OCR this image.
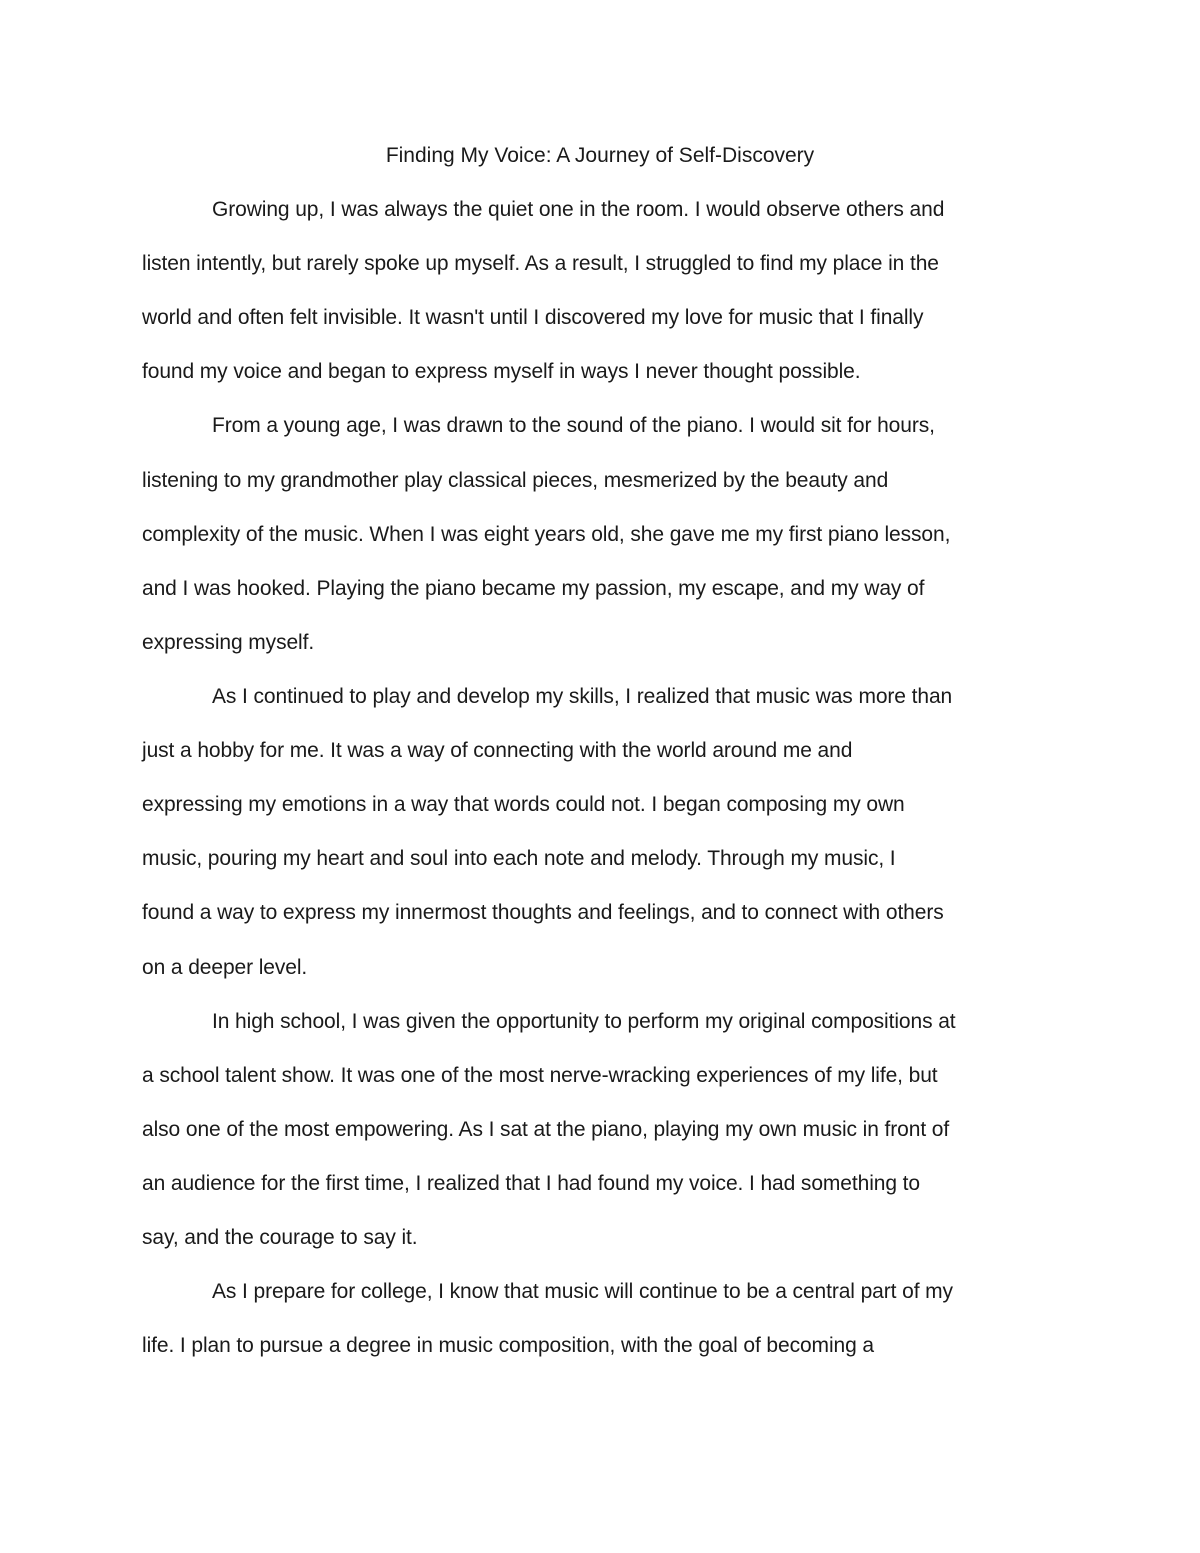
Finding My Voice: A Journey of Self-Discovery
Growing up, I was always the quiet one in the room. I would observe others and
listen intently, but rarely spoke up myself. As a result, I struggled to find my place in the
world and often felt invisible. It wasn't until I discovered my love for music that I finally
found my voice and began to express myself in ways I never thought possible.
From a young age, I was drawn to the sound of the piano. I would sit for hours,
listening to my grandmother play classical pieces, mesmerized by the beauty and
complexity of the music. When I was eight years old, she gave me my first piano lesson,
and I was hooked. Playing the piano became my passion, my escape, and my way of
expressing myself.
As I continued to play and develop my skills, I realized that music was more than
just a hobby for me. It was a way of connecting with the world around me and
expressing my emotions in a way that words could not. I began composing my own
music, pouring my heart and soul into each note and melody. Through my music, I
found a way to express my innermost thoughts and feelings, and to connect with others
on a deeper level.
In high school, I was given the opportunity to perform my original compositions at
a school talent show. It was one of the most nerve-wracking experiences of my life, but
also one of the most empowering. As I sat at the piano, playing my own music in front of
an audience for the first time, I realized that I had found my voice. I had something to
say, and the courage to say it.
As I prepare for college, I know that music will continue to be a central part of my
life. I plan to pursue a degree in music composition, with the goal of becoming a
